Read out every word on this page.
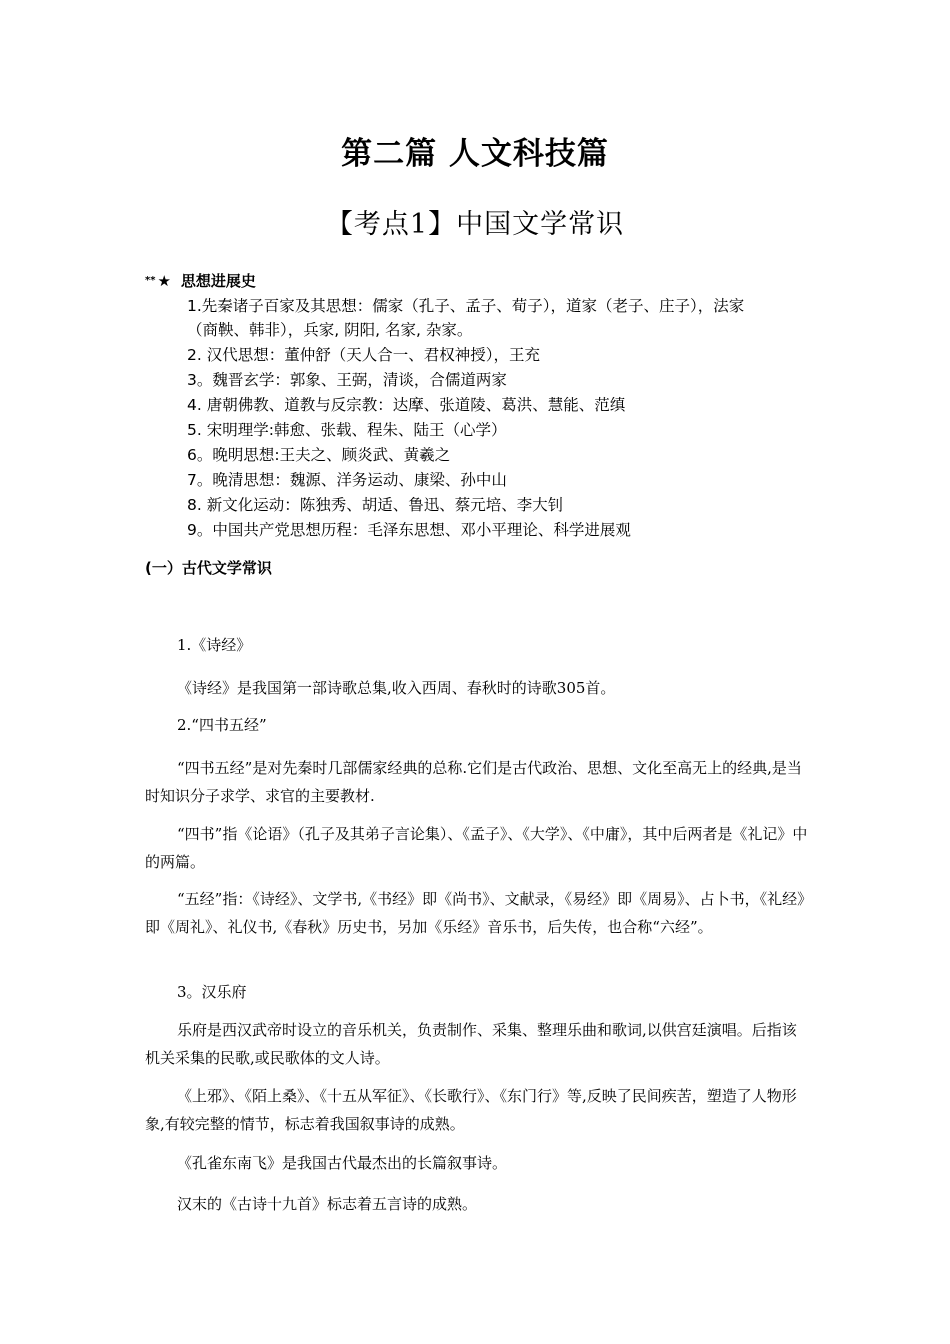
第二篇 人文科技篇
【考点1】中国文学常识
** ★ 思想进展史
1.先秦诸子百家及其思想：儒家（孔子、孟子、荀子），道家（老子、庄子），法家
（商鞅、韩非），兵家, 阴阳, 名家, 杂家。
2. 汉代思想：董仲舒（天人合一、君权神授），王充
3。魏晋玄学：郭象、王弼，清谈，合儒道两家
4. 唐朝佛教、道教与反宗教：达摩、张道陵、葛洪、慧能、范缜
5. 宋明理学:韩愈、张载、程朱、陆王（心学）
6。晚明思想:王夫之、顾炎武、黄羲之
7。晚清思想：魏源、洋务运动、康梁、孙中山
8. 新文化运动：陈独秀、胡适、鲁迅、蔡元培、李大钊
9。中国共产党思想历程：毛泽东思想、邓小平理论、科学进展观
(一）古代文学常识
1.《诗经》
《诗经》是我国第一部诗歌总集,收入西周、春秋时的诗歌305首。
2.“四书五经”
“四书五经”是对先秦时几部儒家经典的总称.它们是古代政治、思想、文化至高无上的经典,是当时知识分子求学、求官的主要教材.
“四书”指《论语》（孔子及其弟子言论集）、《孟子》、《大学》、《中庸》，其中后两者是《礼记》中的两篇。
“五经”指：《诗经》、文学书,《书经》即《尚书》、文献录，《易经》即《周易》、占卜书，《礼经》即《周礼》、礼仪书,《春秋》历史书，另加《乐经》音乐书，后失传，也合称“六经”。
3。汉乐府
乐府是西汉武帝时设立的音乐机关，负责制作、采集、整理乐曲和歌词,以供宫廷演唱。后指该机关采集的民歌,或民歌体的文人诗。
《上邪》、《陌上桑》、《十五从军征》、《长歌行》、《东门行》等,反映了民间疾苦，塑造了人物形象,有较完整的情节，标志着我国叙事诗的成熟。
《孔雀东南飞》是我国古代最杰出的长篇叙事诗。
汉末的《古诗十九首》标志着五言诗的成熟。
